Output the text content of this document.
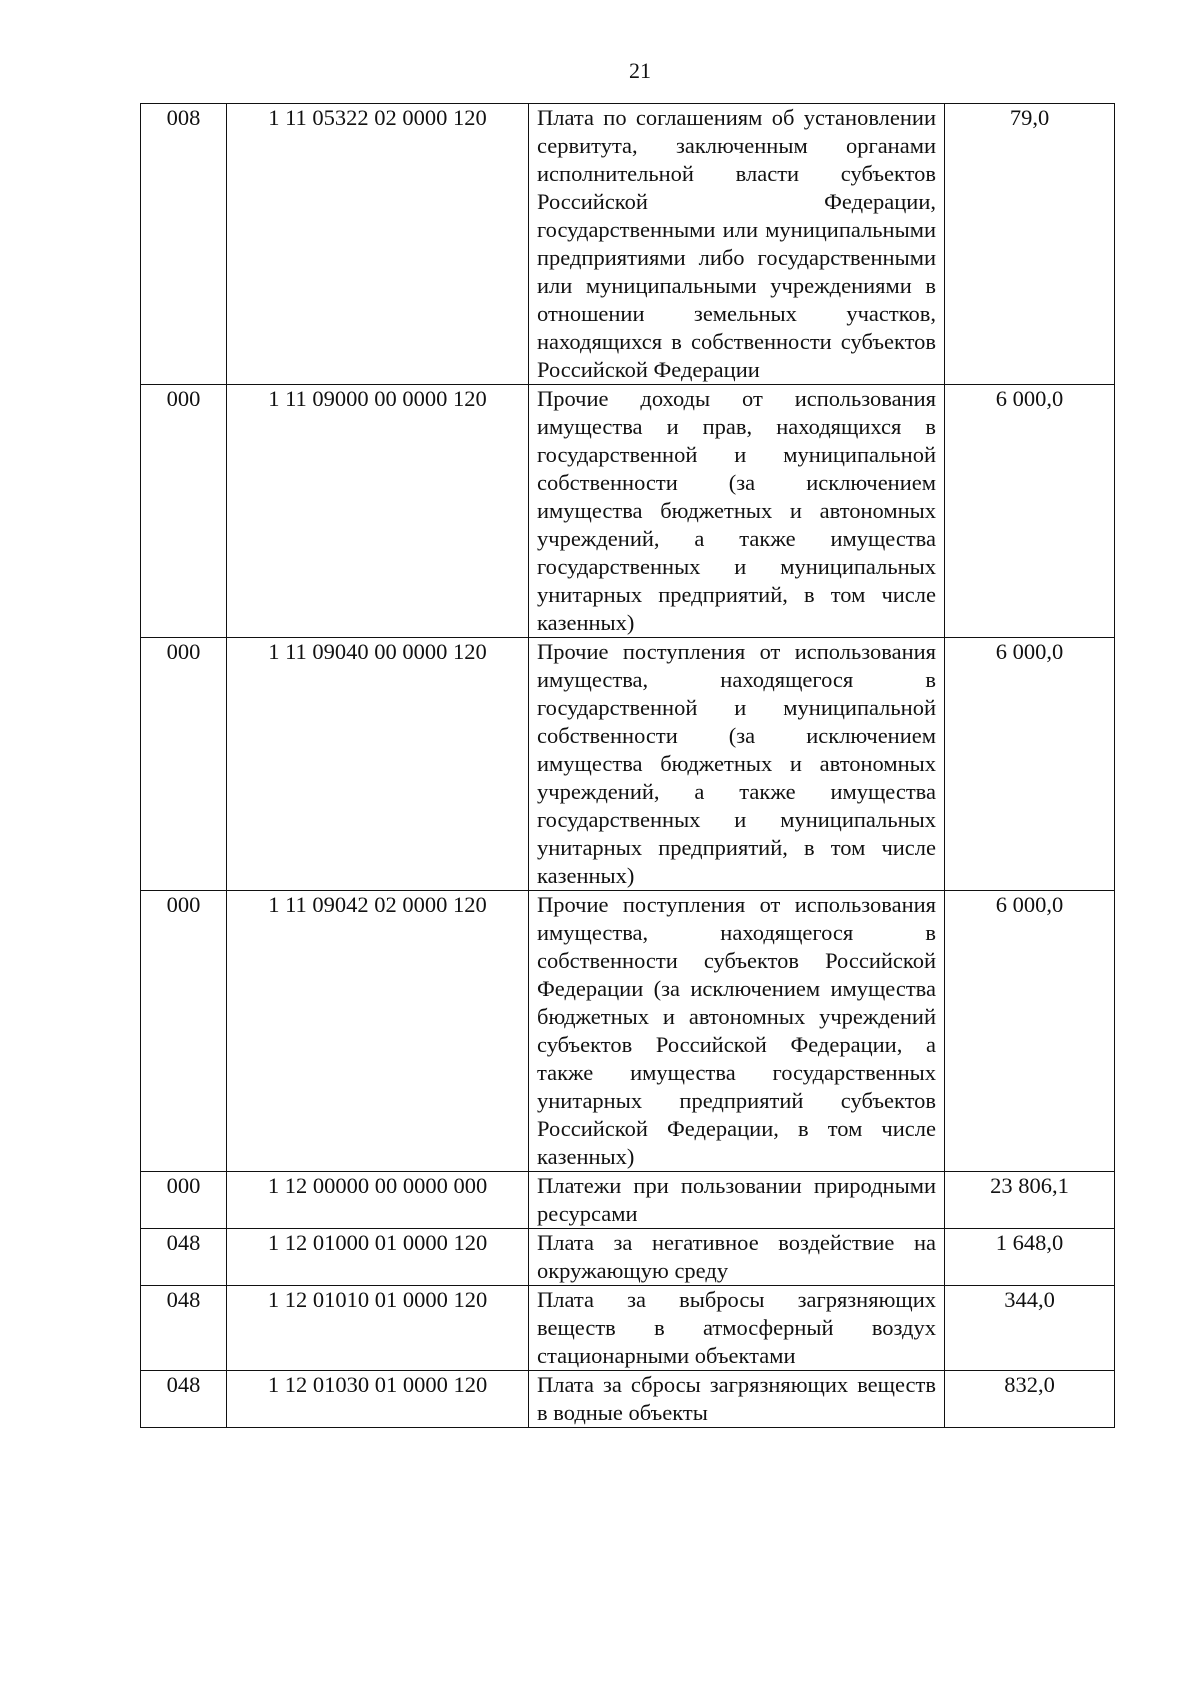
21
008	1 11 05322 02 0000 120	Плата по соглашениям об установлении сервитута, заключенным органами исполнительной власти субъектов Российской Федерации, государственными или муниципальными предприятиями либо государственными или муниципальными учреждениями в отношении земельных участков, находящихся в собственности субъектов Российской Федерации	79,0
000	1 11 09000 00 0000 120	Прочие доходы от использования имущества и прав, находящихся в государственной и муниципальной собственности (за исключением имущества бюджетных и автономных учреждений, а также имущества государственных и муниципальных унитарных предприятий, в том числе казенных)	6 000,0
000	1 11 09040 00 0000 120	Прочие поступления от использования имущества, находящегося в государственной и муниципальной собственности (за исключением имущества бюджетных и автономных учреждений, а также имущества государственных и муниципальных унитарных предприятий, в том числе казенных)	6 000,0
000	1 11 09042 02 0000 120	Прочие поступления от использования имущества, находящегося в собственности субъектов Российской Федерации (за исключением имущества бюджетных и автономных учреждений субъектов Российской Федерации, а также имущества государственных унитарных предприятий субъектов Российской Федерации, в том числе казенных)	6 000,0
000	1 12 00000 00 0000 000	Платежи при пользовании природными ресурсами	23 806,1
048	1 12 01000 01 0000 120	Плата за негативное воздействие на окружающую среду	1 648,0
048	1 12 01010 01 0000 120	Плата за выбросы загрязняющих веществ в атмосферный воздух стационарными объектами	344,0
048	1 12 01030 01 0000 120	Плата за сбросы загрязняющих веществ в водные объекты	832,0
